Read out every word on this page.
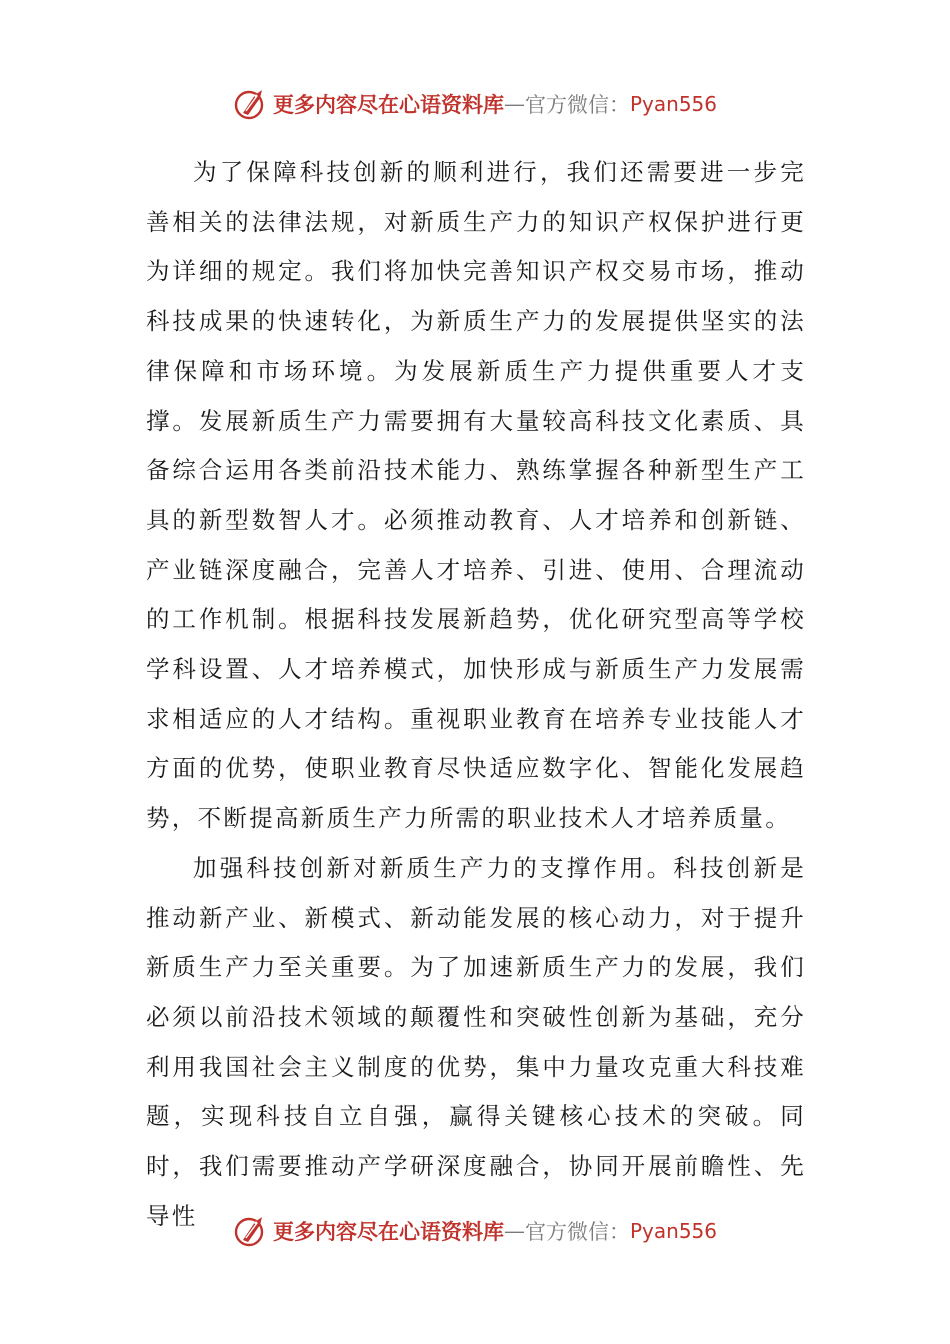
更多内容尽在心语资料库 — 官方微信： Pyan556

为了保障科技创新的顺利进行，我们还需要进一步完善相关的法律法规，对新质生产力的知识产权保护进行更为详细的规定。我们将加快完善知识产权交易市场，推动科技成果的快速转化，为新质生产力的发展提供坚实的法律保障和市场环境。为发展新质生产力提供重要人才支撑。发展新质生产力需要拥有大量较高科技文化素质、具备综合运用各类前沿技术能力、熟练掌握各种新型生产工具的新型数智人才。必须推动教育、人才培养和创新链、产业链深度融合，完善人才培养、引进、使用、合理流动的工作机制。根据科技发展新趋势，优化研究型高等学校学科设置、人才培养模式，加快形成与新质生产力发展需求相适应的人才结构。重视职业教育在培养专业技能人才方面的优势，使职业教育尽快适应数字化、智能化发展趋势，不断提高新质生产力所需的职业技术人才培养质量。

加强科技创新对新质生产力的支撑作用。科技创新是推动新产业、新模式、新动能发展的核心动力，对于提升新质生产力至关重要。为了加速新质生产力的发展，我们必须以前沿技术领域的颠覆性和突破性创新为基础，充分利用我国社会主义制度的优势，集中力量攻克重大科技难题，实现科技自立自强，赢得关键核心技术的突破。同时，我们需要推动产学研深度融合，协同开展前瞻性、先导性

更多内容尽在心语资料库 — 官方微信： Pyan556
